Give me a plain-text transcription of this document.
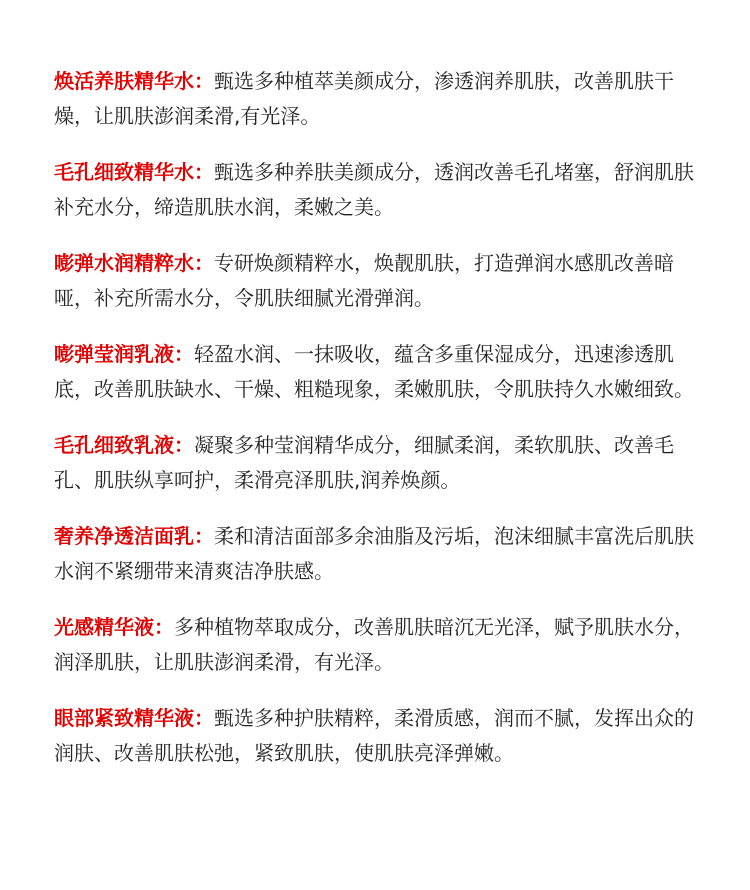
焕活养肤精华水：甄选多种植萃美颜成分，渗透润养肌肤，改善肌肤干燥，让肌肤澎润柔滑,有光泽。
毛孔细致精华水：甄选多种养肤美颜成分，透润改善毛孔堵塞，舒润肌肤补充水分，缔造肌肤水润，柔嫩之美。
嘭弹水润精粹水：专研焕颜精粹水，焕靓肌肤，打造弹润水感肌改善暗哑，补充所需水分，令肌肤细腻光滑弹润。
嘭弹莹润乳液：轻盈水润、一抹吸收，蕴含多重保湿成分，迅速渗透肌底，改善肌肤缺水、干燥、粗糙现象，柔嫩肌肤，令肌肤持久水嫩细致。
毛孔细致乳液：凝聚多种莹润精华成分，细腻柔润，柔软肌肤、改善毛孔、肌肤纵享呵护，柔滑亮泽肌肤,润养焕颜。
奢养净透洁面乳：柔和清洁面部多余油脂及污垢，泡沫细腻丰富洗后肌肤水润不紧绷带来清爽洁净肤感。
光感精华液：多种植物萃取成分，改善肌肤暗沉无光泽，赋予肌肤水分，润泽肌肤，让肌肤澎润柔滑，有光泽。
眼部紧致精华液：甄选多种护肤精粹，柔滑质感，润而不腻，发挥出众的润肤、改善肌肤松弛，紧致肌肤，使肌肤亮泽弹嫩。
